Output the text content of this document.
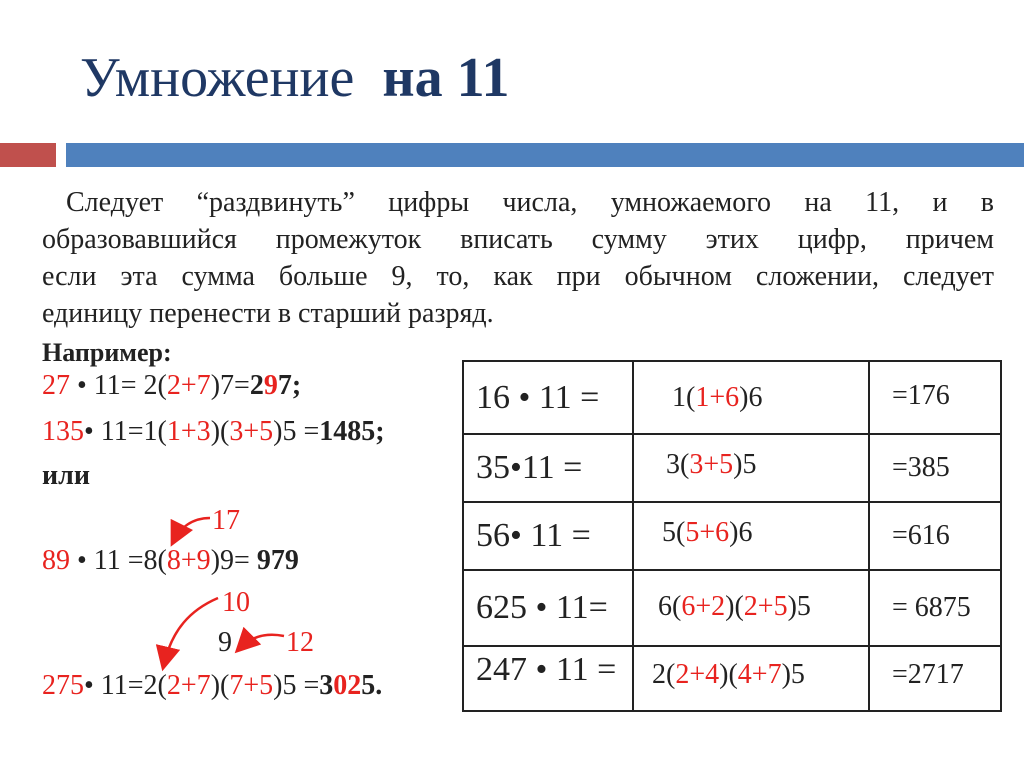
Умножение на 11
Следует “раздвинуть” цифры числа, умножаемого на 11, и в
образовавшийся промежуток вписать сумму этих цифр, причем
если эта сумма больше 9, то, как при обычном сложении, следует
единицу перенести в старший разряд.
Например:
27 • 11= 2(2+7)7=297;
135• 11=1(1+3)(3+5)5 =1485;
или
17
89 • 11 =8(8+9)9= 979
10
9 12
275• 11=2(2+7)(7+5)5 =3025.
16 • 11 =	1(1+6)6	=176
35•11 =	3(3+5)5	=385
56• 11 =	5(5+6)6	=616
625 • 11=	6(6+2)(2+5)5	= 6875
247 • 11 =	2(2+4)(4+7)5	=2717
